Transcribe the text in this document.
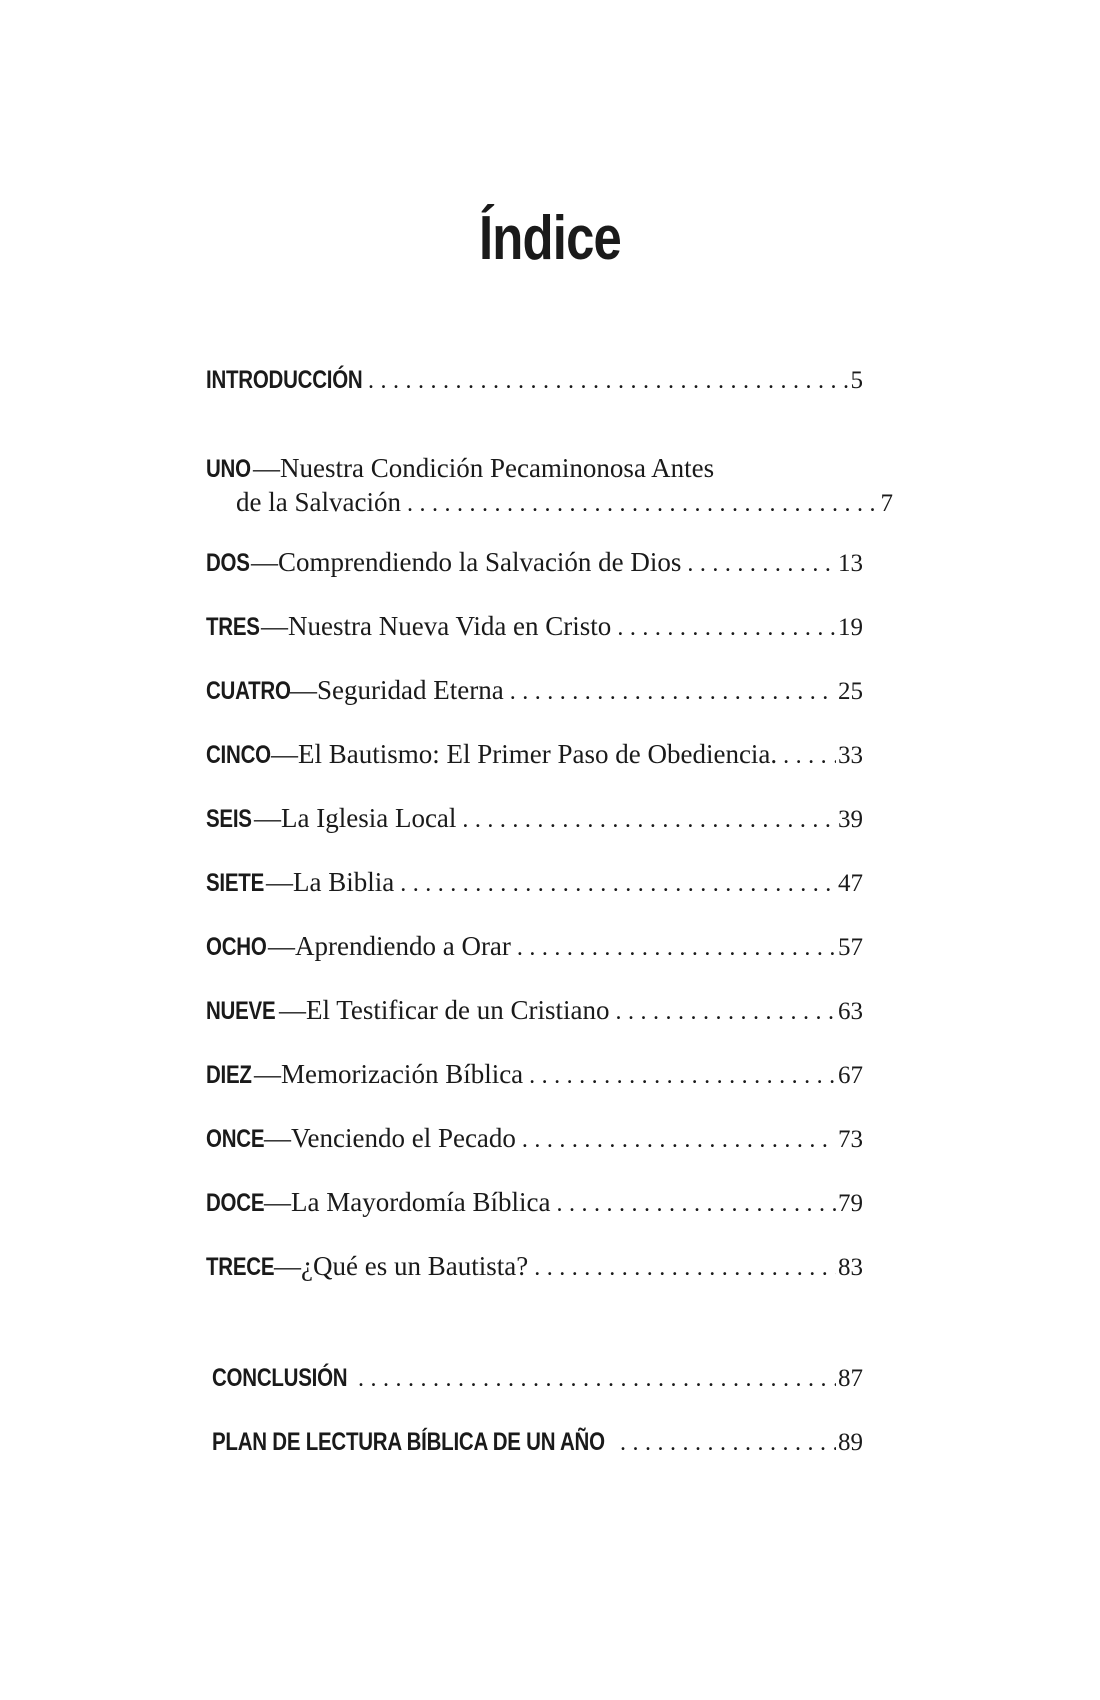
Índice
INTRODUCCIÓN .....	5
UNO — Nuestra Condición Pecaminonosa Antes
de la Salvación .....	7
DOS — Comprendiendo la Salvación de Dios .....	13
TRES — Nuestra Nueva Vida en Cristo .....	19
CUATRO — Seguridad Eterna .....	25
CINCO — El Bautismo: El Primer Paso de Obediencia. ..... 33
SEIS — La Iglesia Local .....	39
SIETE — La Biblia .....	47
OCHO — Aprendiendo a Orar .....	57
NUEVE — El Testificar de un Cristiano .....	63
DIEZ — Memorización Bíblica .....	67
ONCE — Venciendo el Pecado .....	73
DOCE — La Mayordomía Bíblica .....	79
TRECE — ¿Qué es un Bautista? .....	83
CONCLUSIÓN .....	87
PLAN DE LECTURA BÍBLICA DE UN AÑO .....	89
